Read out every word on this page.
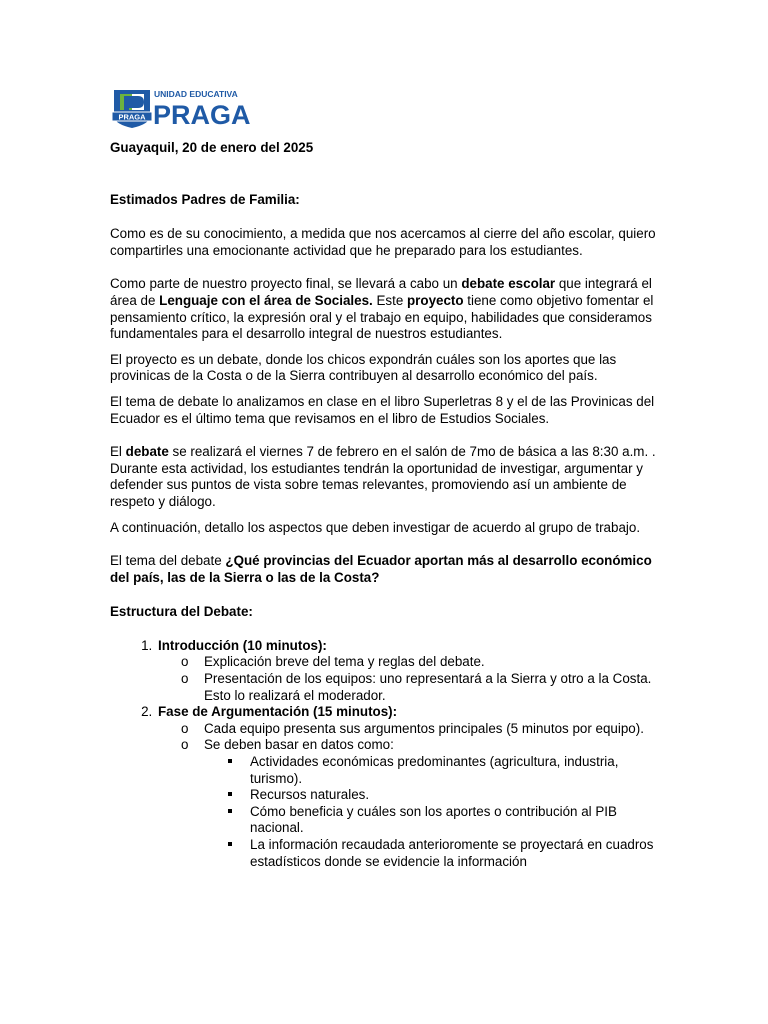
PRAGA
UNIDAD EDUCATIVA
PRAGA

Guayaquil, 20 de enero del 2025

Estimados Padres de Familia:

Como es de su conocimiento, a medida que nos acercamos al cierre del año escolar, quiero compartirles una emocionante actividad que he preparado para los estudiantes.

Como parte de nuestro proyecto final, se llevará a cabo un debate escolar que integrará el área de Lenguaje con el área de Sociales. Este proyecto tiene como objetivo fomentar el pensamiento crítico, la expresión oral y el trabajo en equipo, habilidades que consideramos fundamentales para el desarrollo integral de nuestros estudiantes.

El proyecto es un debate, donde los chicos expondrán cuáles son los aportes que las provinicas de la Costa o de la Sierra contribuyen al desarrollo económico del país.

El tema de debate lo analizamos en clase en el libro Superletras 8 y el de las Provinicas del Ecuador es el último tema que revisamos en el libro de Estudios Sociales.

El debate se realizará el viernes 7 de febrero en el salón de 7mo de básica a las 8:30 a.m. . Durante esta actividad, los estudiantes tendrán la oportunidad de investigar, argumentar y defender sus puntos de vista sobre temas relevantes, promoviendo así un ambiente de respeto y diálogo.

A continuación, detallo los aspectos que deben investigar de acuerdo al grupo de trabajo.

El tema del debate ¿Qué provincias del Ecuador aportan más al desarrollo económico del país, las de la Sierra o las de la Costa?

Estructura del Debate:

1. Introducción (10 minutos):
o Explicación breve del tema y reglas del debate.
o Presentación de los equipos: uno representará a la Sierra y otro a la Costa. Esto lo realizará el moderador.
2. Fase de Argumentación (15 minutos):
o Cada equipo presenta sus argumentos principales (5 minutos por equipo).
o Se deben basar en datos como:
Actividades económicas predominantes (agricultura, industria, turismo).
Recursos naturales.
Cómo beneficia y cuáles son los aportes o contribución al PIB nacional.
La información recaudada anterioromente se proyectará en cuadros estadísticos donde se evidencie la información
